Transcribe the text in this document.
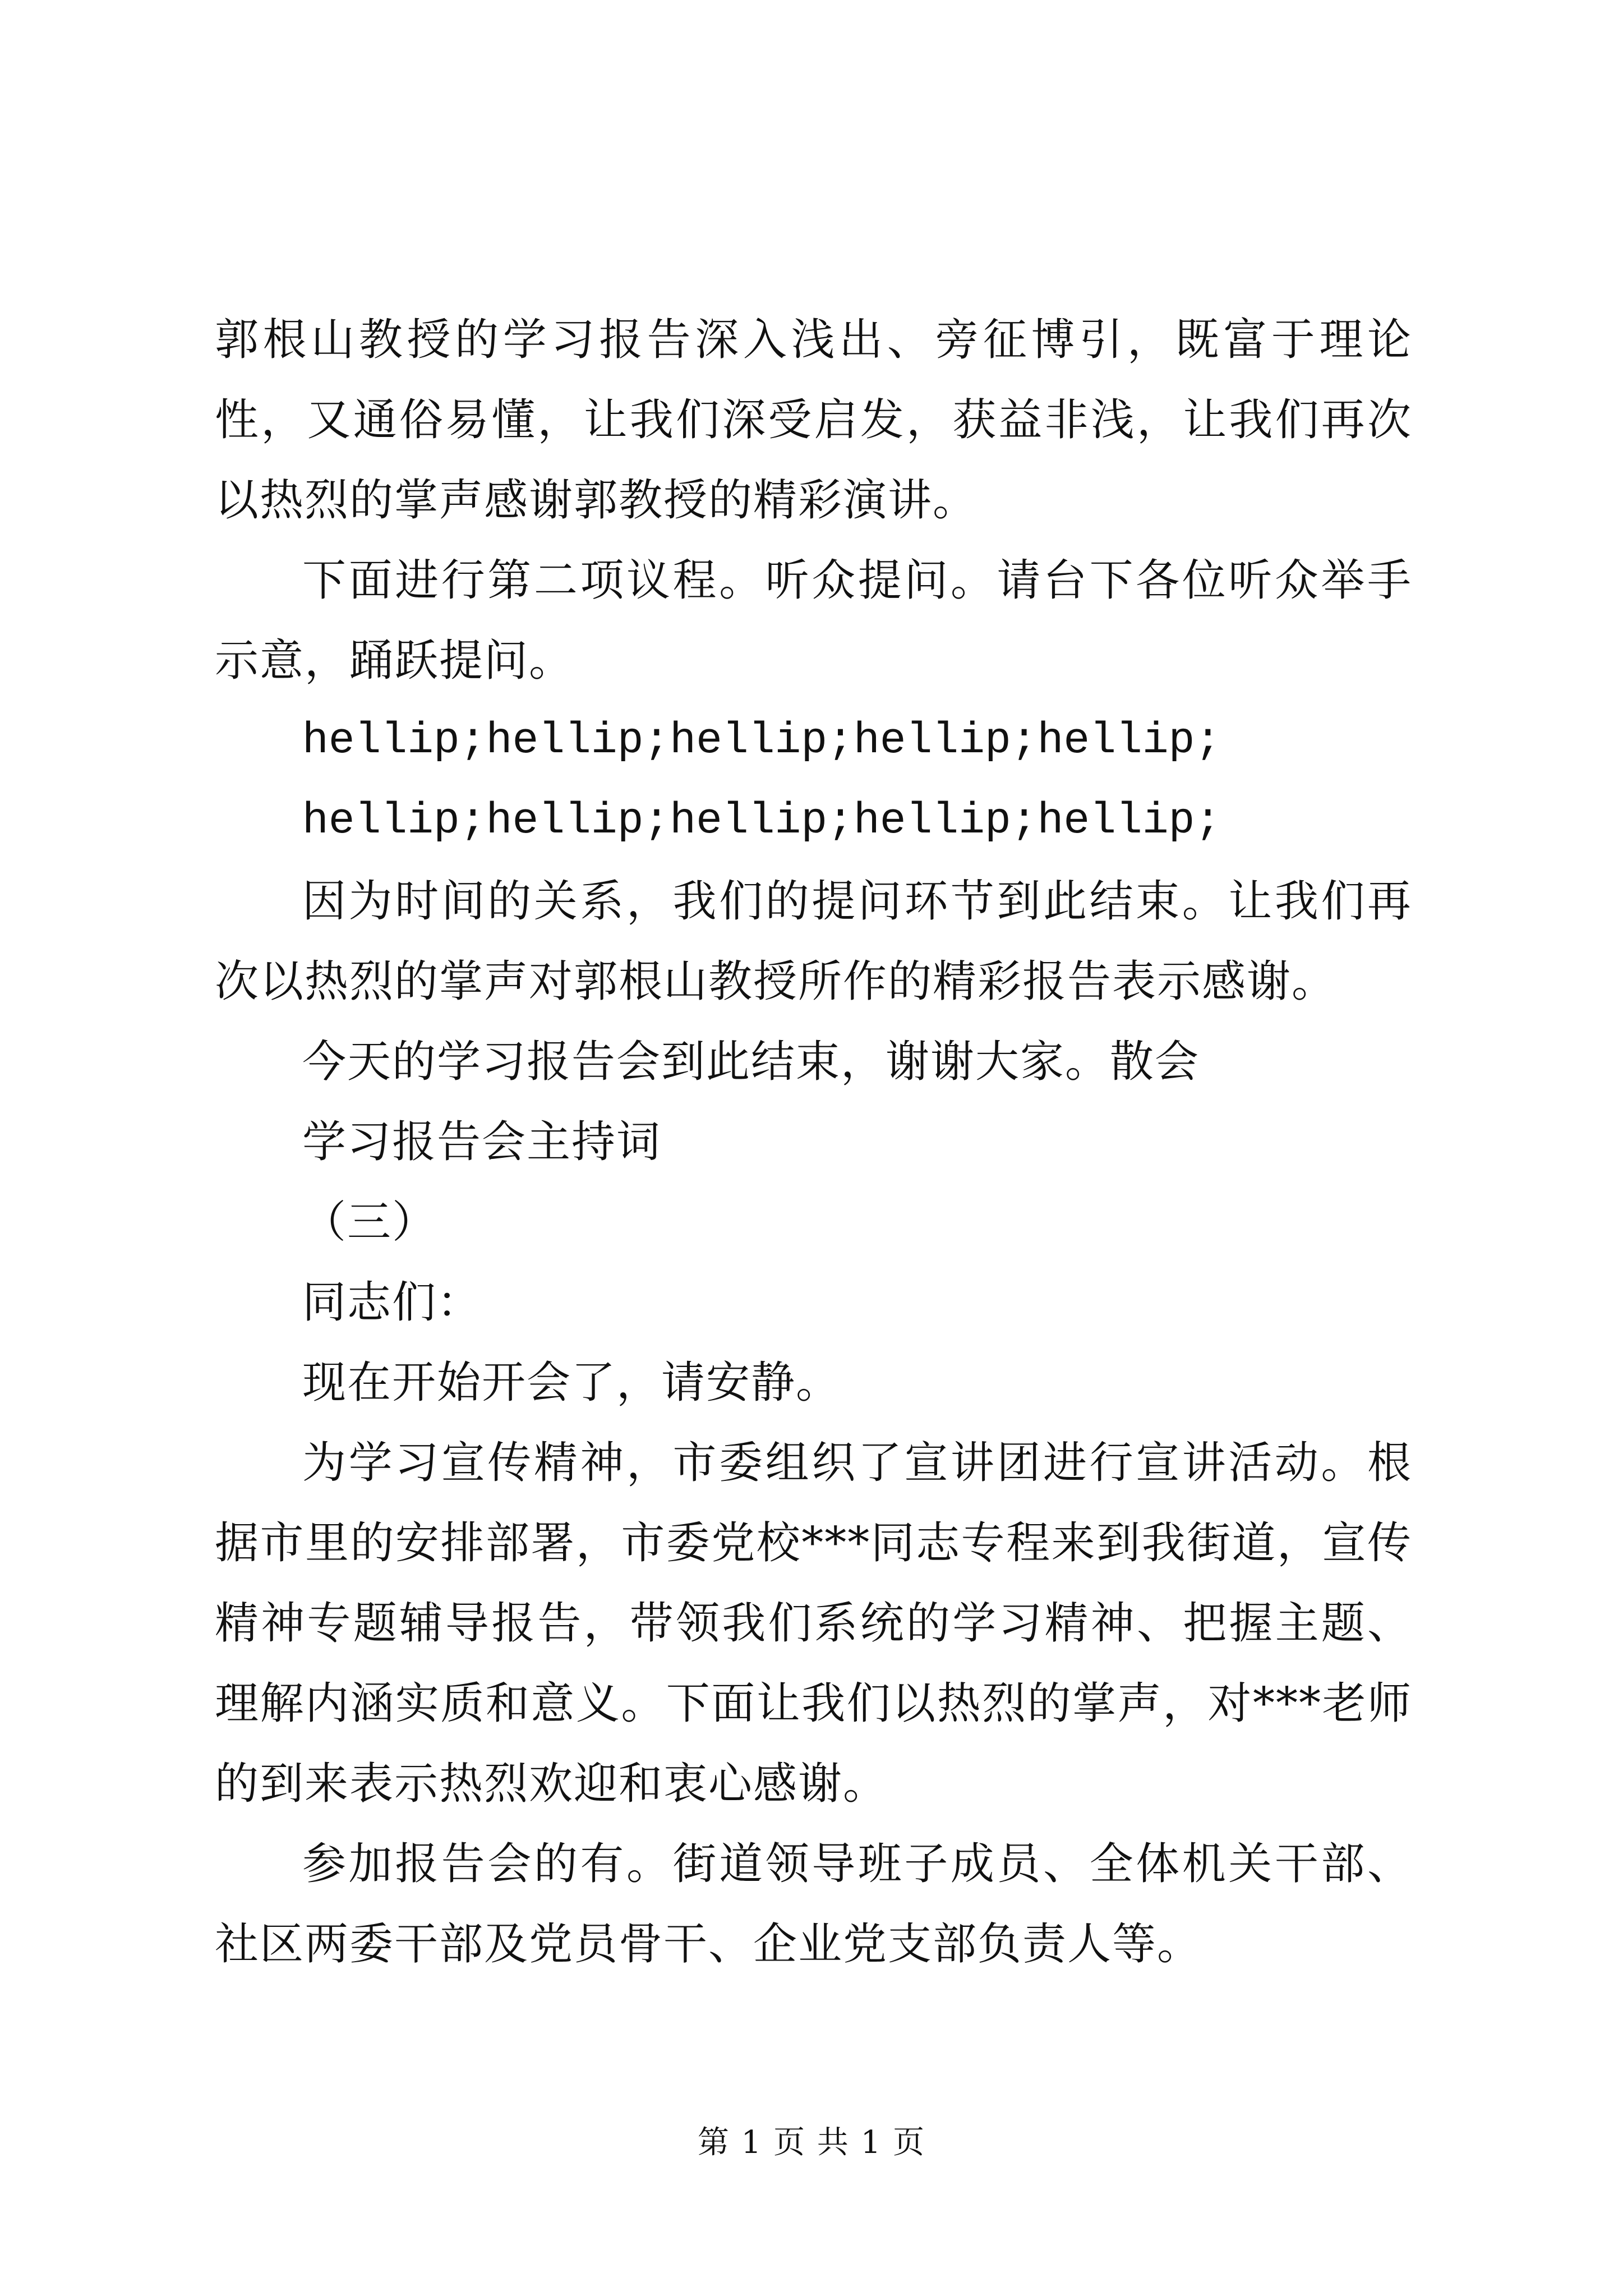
郭根山教授的学习报告深入浅出、旁征博引，既富于理论性，又通俗易懂，让我们深受启发，获益非浅，让我们再次以热烈的掌声感谢郭教授的精彩演讲。

下面进行第二项议程。听众提问。请台下各位听众举手示意，踊跃提问。

hellip;hellip;hellip;hellip;hellip;

hellip;hellip;hellip;hellip;hellip;

因为时间的关系，我们的提问环节到此结束。让我们再次以热烈的掌声对郭根山教授所作的精彩报告表示感谢。

今天的学习报告会到此结束，谢谢大家。散会

学习报告会主持词

（三）

同志们：

现在开始开会了，请安静。

为学习宣传精神，市委组织了宣讲团进行宣讲活动。根据市里的安排部署，市委党校***同志专程来到我街道，宣传精神专题辅导报告，带领我们系统的学习精神、把握主题、理解内涵实质和意义。下面让我们以热烈的掌声，对***老师的到来表示热烈欢迎和衷心感谢。

参加报告会的有。街道领导班子成员、全体机关干部、社区两委干部及党员骨干、企业党支部负责人等。

第 1 页 共 1 页
